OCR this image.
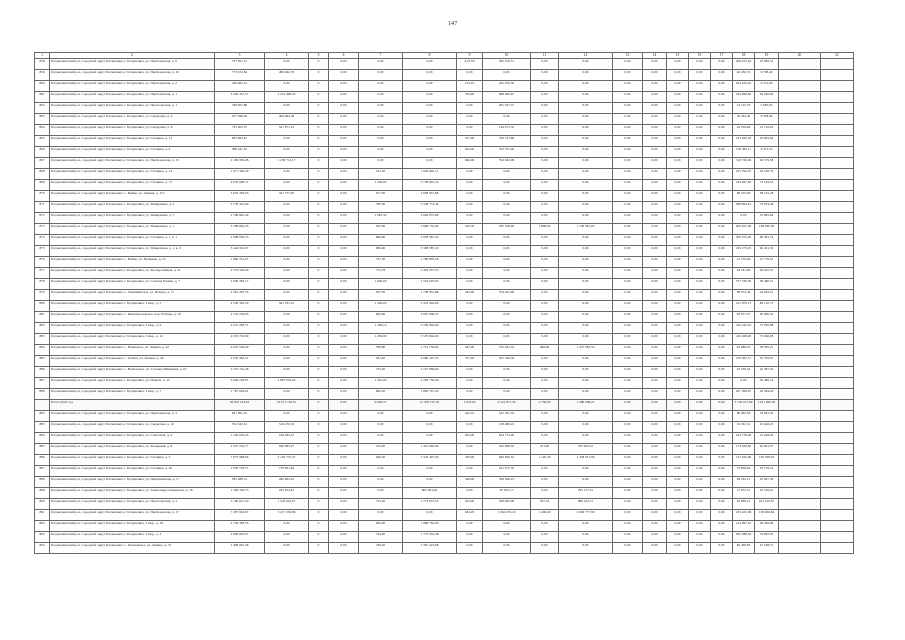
147
1	2	3	4	5	6	7	8	9	10	11	12	13	14	15	16	17	18	19	20	21
858	Богдановичский р-н, городской округ Богданович, г. Богданович, ул. Партизанская, д. 6	727 851,21	0,00	0	0,00	0,00	0,00	4,23 00	582 470,51	0,00	0,00	0,00	0,00	0,00	0,00	0,00	206 255,44	10 689,53		
859	Богдановичский р-н, городской округ Богданович, г. Богданович, ул. Партизанская, д. 10	773 672,84	489 462,79	0	0,00	0,00	0,00	0,00	0,00	0,00	0,00	0,00	0,00	0,00	0,00	0,00	94 450,74	9 708,40		
860	Богдановичский р-н, городской округ Богданович, г. Богданович, ул. Партизанская, д. 2	446 665,31	0,00	0	0,00	0,00	0,00	274,10	435 256,50	0,00	0,00	0,00	0,00	0,00	0,00	0,00	204 450,45	6 741,00		
861	Богдановичский р-н, городской округ Богданович, г. Богданович, ул. Партизанская, д. 1	3 420 451,57	2 212 496,43	0	0,00	0,00	0,00	792,00	968 840,67	0,00	0,00	0,00	0,00	0,00	0,00	0,00	162 996,83	64 030,00		
862	Богдановичский р-н, городской округ Богданович, г. Богданович, ул. Пролетарская, д. 1	338 407,86	0,00	0	0,00	0,00	0,00	0,00	281 197,37	0,00	0,00	0,00	0,00	0,00	0,00	0,00	74 125,79	5 082,65		
863	Богдановичский р-н, городской округ Богданович, г. Богданович, ул. Свердлова, д. 4	457 028,56	406 994,58	0	0,00	0,00	0,00	0,00	0,00	0,00	0,00	0,00	0,00	0,00	0,00	0,00	39 344,49	8 358,99		
864	Богдановичский р-н, городской округ Богданович, г. Богданович, ул. Свердлова, д. 6	735 903,37	547 871,23	0	0,00	0,00	0,00	0,00	146 973,32	0,00	0,00	0,00	0,00	0,00	0,00	0,00	24 359,90	14 716,63		
865	Богдановичский р-н, городской округ Богданович, г. Богданович, ул. Гагарина, д. 13	903 663,61	0,00	0	0,00	0,00	0,00	557,00	799 723,89	0,00	0,00	0,00	0,00	0,00	0,00	0,00	213 285,18	19 994,94		
866	Богдановичский р-н, городской округ Богданович, г. Богданович, ул. Гагарина, д. 6	388 441,52	0,00	0	0,00	0,00	0,00	264,40	352 797,46	0,00	0,00	0,00	0,00	0,00	0,00	0,00	150 360,11	6 473,35		
867	Богдановичский р-н, городской округ Богданович, г. Богданович, ул. Партизанская, д. 15	2 100 965,08	1 258 713,17	0	0,00	0,00	0,00	846,00	792 643,09	0,00	0,00	0,00	0,00	0,00	0,00	0,00	318 720,69	40 579,58		
868	Богдановичский р-н, городской округ Богданович, г. Богданович, ул. Гагарина, д. 14	1 971 326,30	0,00	0	0,00	541,30	1 926 902,71	0,00	0,00	0,00	0,00	0,00	0,00	0,00	0,00	0,00	105 794,70	16 530,79		
869	Богдановичский р-н, городской округ Богданович, г. Богданович, ул. Гагарина, д. 15	4 076 908,72	0,00	0	0,00	1 239,00	3 758 825,20	0,00	0,00	0,00	0,00	0,00	0,00	0,00	0,00	0,00	243 497,63	73 164,53		
870	Богдановичский р-н, городской округ Богданович, с. Байны, ул. Ленина, д. 113	3 053 459,65	347 757,95	0	0,00	677,00	2 658 957,88	0,00	0,00	0,00	0,00	0,00	0,00	0,00	0,00	0,00	86 195,00	58 155,28		
871	Богдановичский р-н, городской округ Богданович, г. Богданович, ул. Тимирязева, д. 4	3 778 455,99	0,00	0	0,00	790,00	3 548 774,40	0,00	0,00	0,00	0,00	0,00	0,00	0,00	0,00	0,00	268 994,61	74 974,48		
872	Богдановичский р-н, городской округ Богданович, г. Богданович, ул. Тимирязева, д. 7	2 769 861,44	0,00	0	0,00	1 081,30	2 694 872,80	0,00	0,00	0,00	0,00	0,00	0,00	0,00	0,00	0,00	0,00	53 895,64		
873	Богдановичский р-н, городской округ Богданович, г. Богданович, ул. Тимирязева, д. 1	3 786 665,45	0,00	0	0,00	565,00	1 966 752,90	410,30	785 358,40	1 898,00	1 128 961,00	0,00	0,00	0,00	0,00	0,00	206 267,28	148 286,36		
874	Богдановичский р-н, городской округ Богданович, г. Богданович, ул. Гагарина, д. 1, к. 1	2 998 050,55	0,00	0	0,00	896,90	2 958 587,20	0,00	0,00	0,00	0,00	0,00	0,00	0,00	0,00	0,00	209 555,29	60 381,74		
875	Богдановичский р-н, городской округ Богданович, г. Богданович, ул. Тимирязева, д. 1, к. 3	3 444 591,87	0,00	0	0,00	960,00	3 308 587,20	0,00	0,00	0,00	0,00	0,00	0,00	0,00	0,00	0,00	253 273,23	62 451,56		
876	Богдановичский р-н, городской округ Богданович, с. Байны, ул. Пушкина, д. 23	1 860 761,07	0,00	0	0,00	747,50	1 769 895,58	0,00	0,00	0,00	0,00	0,00	0,00	0,00	0,00	0,00	41 570,09	15 776,51		
877	Богдановичский р-н, городской округ Богданович, г. Богданович, ул. Кооперативная, д. 21	2 574 594,29	0,00	0	0,00	772,78	2 418 257,25	0,00	0,00	0,00	0,00	0,00	0,00	0,00	0,00	0,00	94 181,80	46 025,55		
878	Богдановичский р-н, городской округ Богданович, г. Богданович, ул. Степана Разина, д. 7	2 946 363,17	0,00	0	0,00	1 046,00	2 523 003,93	0,00	0,00	0,00	0,00	0,00	0,00	0,00	0,00	0,00	377 536,50	58 460,31		
879	Богдановичский р-н, городской округ Богданович, с. Гарашкинское, ул. Ильича, д. 71	2 581 287,53	0,00	0	0,00	597,50	1 738 951,88	323,00	704 952,90	0,00	0,00	0,00	0,00	0,00	0,00	0,00	99 674,36	44 819,51		
880	Богдановичский р-н, городской округ Богданович, г. Богданович, 3 мкр., д. 5	4 536 363,59	561 761,25	0	0,00	1 456,00	2 318 404,00	0,00	0,00	0,00	0,00	0,00	0,00	0,00	0,00	0,00	411 876,13	86 110,73		
881	Богдановичский р-н, городской округ Богданович, с. Каменноозерское, пер. Победы, д. 10	2 152 259,65	0,00	0	0,00	664,90	2 067 936,57	0,00	0,00	0,00	0,00	0,00	0,00	0,00	0,00	0,00	63 977,57	40 990,32		
882	Богдановичский р-н, городской округ Богданович, г. Богданович, 3 мкр., д. 6	4 031 283,71	0,00	0	0,00	1 458,10	3 530 804,00	0,00	0,00	0,00	0,00	0,00	0,00	0,00	0,00	0,00	410 445,03	75 030,88		
883	Богдановичский р-н, городской округ Богданович, г. Богданович, 3 мкр., д. 12	4 053 703,69	0,00	0	0,00	1 459,00	3 570 804,00	0,00	0,00	0,00	0,00	0,00	0,00	0,00	0,00	0,00	410 498,00	73 066,08		
884	Богдановичский р-н, городской округ Богданович, с. Ильинское, ул. Ленина, д. 22	4 025 549,09	0,00	0	0,00	780,80	1 712 739,60	547,00	722 931,16	466,00	1 457 083,52	0,00	0,00	0,00	0,00	0,00	63 988,35	78 265,21		
885	Богдановичский р-н, городской округ Богданович, с. Тыгиш, ул. Ленина, д. 49	2 935 462,51	0,00	0	0,00	561,40	2 060 197,35	727,40	591 346,39	0,00	0,00	0,00	0,00	0,00	0,00	0,00	476 367,71	55 795,67		
886	Богдановичский р-н, городской округ Богданович, с. Волковское, ул. Степана Щипачева, д. 67	2 272 742,46	0,00	0	0,00	725,90	2 227 866,69	0,00	0,00	0,00	0,00	0,00	0,00	0,00	0,00	0,00	43 239,34	42 387,42		
887	Богдановичский р-н, городской округ Богданович, г. Богданович, ул. Ильича, д. 15	3 090 118,07	1 867 652,62	0	0,00	1 301,00	2 282 756,29	0,00	0,00	0,00	0,00	0,00	0,00	0,00	0,00	0,00	0,00	59 486,16		
888	Богдановичский р-н, городской округ Богданович, г. Богданович, 3 мкр., д. 7	1 787 604,91	0,00	0	0,00	609,50	1 865 767,20	0,00	0,00	0,00	0,00	0,00	0,00	0,00	0,00	0,00	207 368,67	29 564,20		
	Итого 2022 год	56 676 163,63	10 071 726,01	0	0,00	9 626,57	21 478 735,35	1 016,00	4 321 877,35	2 736,00	1 480 068,21	0,00	0,00	0,00	0,00	0,00	3 142 671,80	1 011 895,62		
882	Богдановичский р-н, городской округ Богданович, г. Богданович, ул. Партизанская, д. 3	961 891,35	0,00	0	0,00	0,00	0,00	442,10	541 591,55	0,00	0,00	0,00	0,00	0,00	0,00	0,00	86 065,83	18 825,50		
883	Богдановичский р-н, городской округ Богданович, г. Богданович, ул. Свердлова, д. 10	704 543,31	516 470,19	0	0,00	0,00	0,00	0,00	158 480,45	0,00	0,00	0,00	0,00	0,00	0,00	0,00	19 361,31	10 046,47		
884	Богдановичский р-н, городской округ Богданович, г. Богданович, ул. Советская, д. 4	1 165 003,43	166 283,47	0	0,00	0,00	0,00	502,90	634 774,40	0,00	0,00	0,00	0,00	0,00	0,00	0,00	164 778,48	15 228,20		
885	Богдановичский р-н, городской округ Богданович, г. Богданович, ул. Кольцевая, д. 8	2 957 216,77	926 083,27	0	0,00	474,00	1 410 662,96	0,00	182 096,35	471,00	765 262,01	0,00	0,00	0,00	0,00	0,00	172 659,85	62 691,07		
886	Богдановичский р-н, городской округ Богданович, г. Богданович, ул. Гагарина, д. 2	7 973 998,84	2 103 772,37	0	0,00	946,30	2 345 497,30	339,90	640 846,52	1 120,40	1 458 951,99	0,00	0,00	0,00	0,00	0,00	137 942,09	159 398,02		
887	Богдановичский р-н, городской округ Богданович, г. Богданович, ул. Гагарина, д. 26	1 050 578,71	770 831,83	0	0,00	0,00	0,00	0,00	241 972,76	0,00	0,00	0,00	0,00	0,00	0,00	0,00	72 858,65	18 178,52		
888	Богдановичский р-н, городской округ Богданович, г. Богданович, ул. Первомайская, д. 17	583 488,31	296 665,91	0	0,00	0,00	0,00	348,00	328 596,23	0,00	0,00	0,00	0,00	0,00	0,00	0,00	99 182,12	10 697,38		
889	Богдановичский р-н, городской округ Богданович, г. Богданович, ул. Александра Свиридова, д. 18	1 166 330,75	245 954,81	0	0,00	0,00	802 904,62	0,00	87 955,17	0,00	293 177,21	0,00	0,00	0,00	0,00	0,00	17 972,51	22 516,41		
890	Богдановичский р-н, городской округ Богданович, г. Богданович, ул. Пролетарская, д. 2	5 190 621,30	1 543 019,07	0	0,00	725,40	1 774 673,52	453,00	508 093,98	597,16	988 192,12	0,00	0,00	0,00	0,00	0,00	62 689,21	102 250,67		
891	Богдановичский р-н, городской округ Богданович, г. Богданович, ул. Партизанская, д. 17	7 287 916,87	3 217 230,86	0	0,00	0,00	0,00	634,20	1 064 072,16	1 200,00	2 609 777,90	0,00	0,00	0,00	0,00	0,00	233 425,38	138 260,84		
892	Богдановичский р-н, городской округ Богданович, г. Богданович, 3 мкр., д. 18	2 739 383,76	0,00	0	0,00	650,00	1 996 762,99	0,00	0,00	0,00	0,00	0,00	0,00	0,00	0,00	0,00	214 097,52	28 396,86		
893	Богдановичский р-н, городской округ Богданович, г. Богданович, 3 мкр., д. 3	2 096 695,97	0,00	0	0,00	724,00	1 773 452,48	0,00	0,00	0,00	0,00	0,00	0,00	0,00	0,00	0,00	295 588,54	33 695,05		
894	Богдановичский р-н, городской округ Богданович, с. Грязновское, ул. Ленина, д. 72	2 498 961,36	0,00	0	0,00	746,20	2 367 423,98	0,00	0,00	0,00	0,00	0,00	0,00	0,00	0,00	0,00	84 406,85	47 168,57		
